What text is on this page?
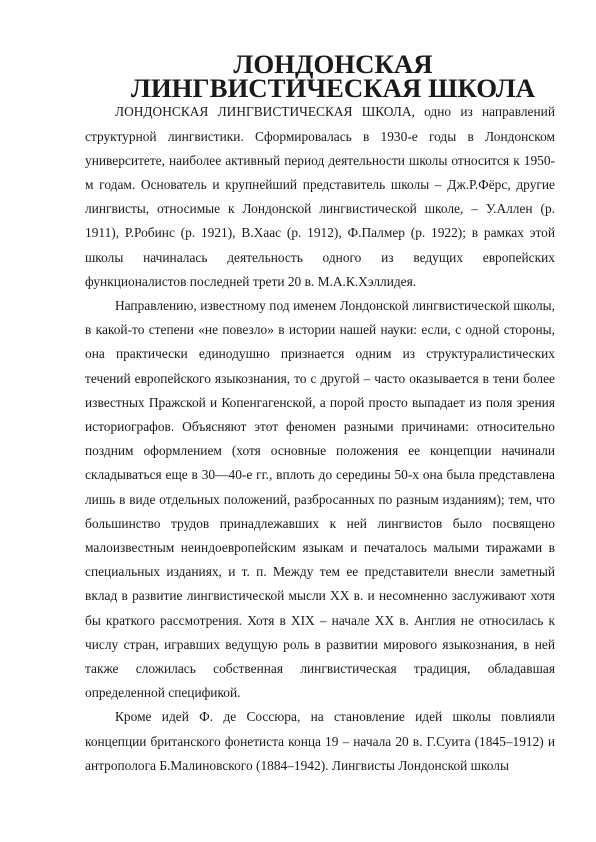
ЛОНДОНСКАЯ ЛИНГВИСТИЧЕСКАЯ ШКОЛА

ЛОНДОНСКАЯ ЛИНГВИСТИЧЕСКАЯ ШКОЛА, одно из направлений структурной лингвистики. Сформировалась в 1930-е годы в Лондонском университете, наиболее активный период деятельности школы относится к 1950-м годам. Основатель и крупнейший представитель школы – Дж.Р.Фёрс, другие лингвисты, относимые к Лондонской лингвистической школе, – У.Аллен (р. 1911), Р.Робинс (р. 1921), В.Хаас (р. 1912), Ф.Палмер (р. 1922); в рамках этой школы начиналась деятельность одного из ведущих европейских функционалистов последней трети 20 в. М.А.К.Хэллидея.

Направлению, известному под именем Лондонской лингвистической школы, в какой-то степени «не повезло» в истории нашей науки: если, с одной стороны, она практически единодушно признается одним из структуралистических течений европейского языкознания, то с другой – часто оказывается в тени более известных Пражской и Копенгагенской, а порой просто выпадает из поля зрения историографов. Объясняют этот феномен разными причинами: относительно поздним оформлением (хотя основные положения ее концепции начинали складываться еще в 30—40-е гг., вплоть до середины 50-х она была представлена лишь в виде отдельных положений, разбросанных по разным изданиям); тем, что большинство трудов принадлежавших к ней лингвистов было посвящено малоизвестным неиндоевропейским языкам и печаталось малыми тиражами в специальных изданиях, и т. п. Между тем ее представители внесли заметный вклад в развитие лингвистической мысли XX в. и несомненно заслуживают хотя бы краткого рассмотрения. Хотя в XIX – начале XX в. Англия не относилась к числу стран, игравших ведущую роль в развитии мирового языкознания, в ней также сложилась собственная лингвистическая традиция, обладавшая определенной спецификой.

Кроме идей Ф. де Соссюра, на становление идей школы повлияли концепции британского фонетиста конца 19 – начала 20 в. Г.Суита (1845–1912) и антрополога Б.Малиновского (1884–1942). Лингвисты Лондонской школы
